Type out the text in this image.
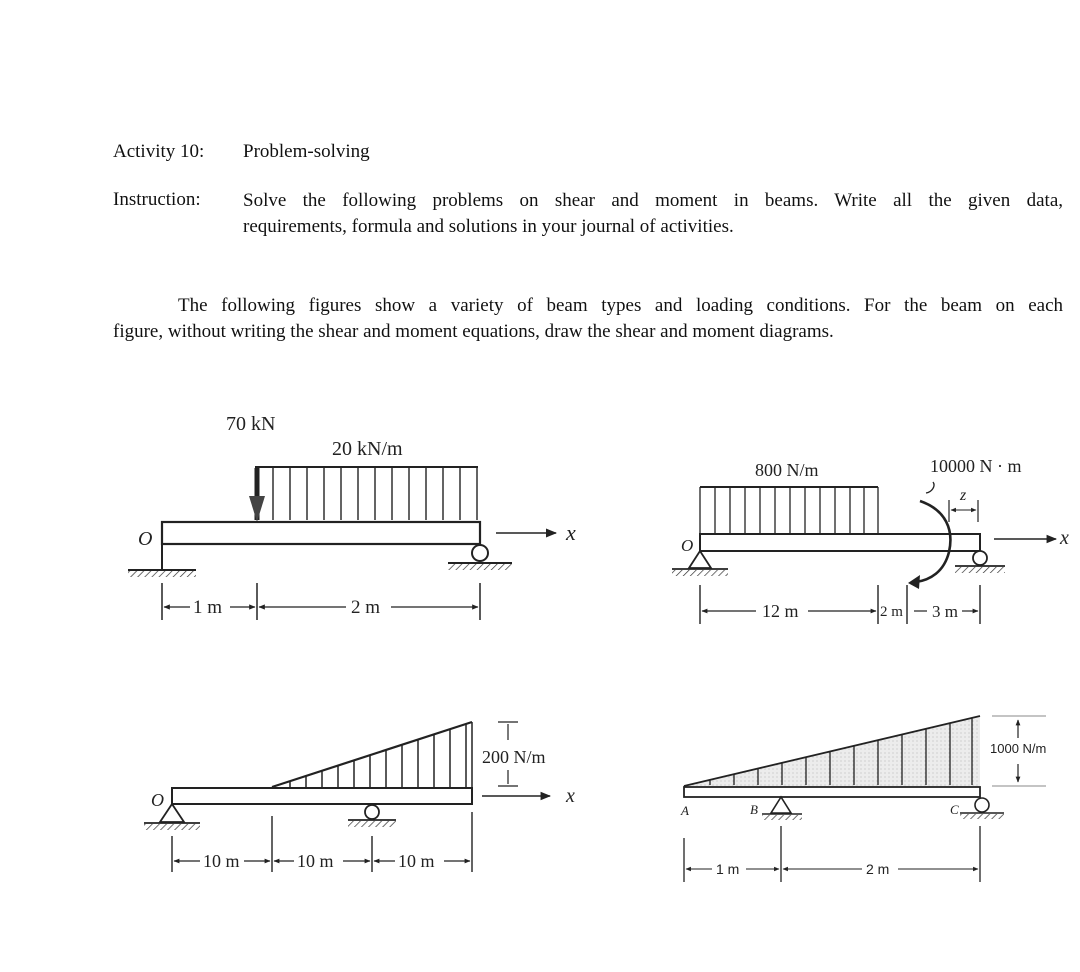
Activity 10: Problem-solving
Instruction: Solve the following problems on shear and moment in beams. Write all the given data,
requirements, formula and solutions in your journal of activities.
The following figures show a variety of beam types and loading conditions. For the beam on each
figure, without writing the shear and moment equations, draw the shear and moment diagrams.
70 kN
20 kN/m
O	x
1 m	2 m
800 N/m	10000 N · m
O
z
x
12 m	2 m 3 m
O
200 N/m
x
10 m	10 m	10 m
A	B	C
1000 N/m
1 m	2 m
